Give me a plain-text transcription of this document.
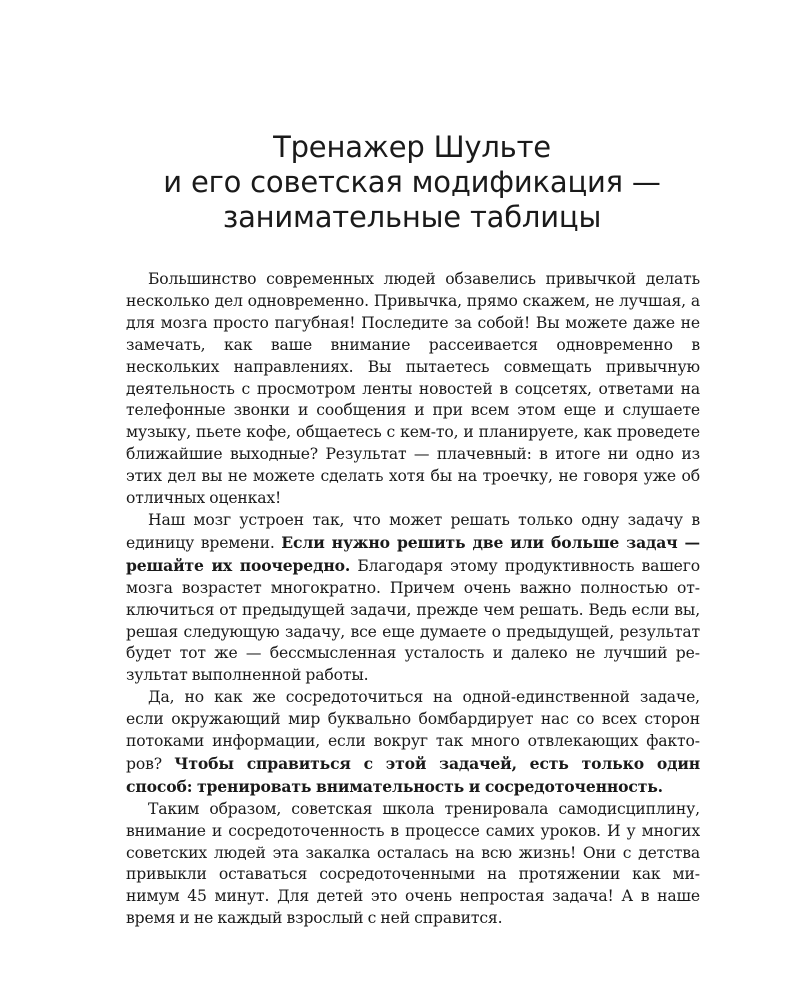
Тренажер Шульте
и его советская модификация —
занимательные таблицы

Большинство современных людей обзавелись привычкой делать несколько дел одновременно. Привычка, прямо скажем, не лучшая, а для мозга просто пагубная! Последите за собой! Вы можете даже не замечать, как ваше внимание рассеивается одновременно в нескольких направлениях. Вы пытаетесь совмещать привычную деятельность с просмотром ленты новостей в соцсетях, ответами на телефонные звонки и сообщения и при всем этом еще и слушаете музыку, пьете кофе, общаетесь с кем-то, и планируете, как проведете ближайшие выходные? Результат — плачевный: в итоге ни одно из этих дел вы не можете сделать хотя бы на троечку, не говоря уже об отличных оценках!

Наш мозг устроен так, что может решать только одну задачу в единицу времени. Если нужно решить две или больше задач — решайте их поочередно. Благодаря этому продуктивность вашего мозга возрастет многократно. Причем очень важно полностью отключиться от предыдущей задачи, прежде чем решать. Ведь если вы, решая следующую задачу, все еще думаете о предыдущей, результат будет тот же — бессмысленная усталость и далеко не лучший результат выполненной работы.

Да, но как же сосредоточиться на одной-единственной задаче, если окружающий мир буквально бомбардирует нас со всех сторон потоками информации, если вокруг так много отвлекающих факторов? Чтобы справиться с этой задачей, есть только один способ: тренировать внимательность и сосредоточенность.

Таким образом, советская школа тренировала самодисциплину, внимание и сосредоточенность в процессе самих уроков. И у многих советских людей эта закалка осталась на всю жизнь! Они с детства привыкли оставаться сосредоточенными на протяжении как минимум 45 минут. Для детей это очень непростая задача! А в наше время и не каждый взрослый с ней справится.
